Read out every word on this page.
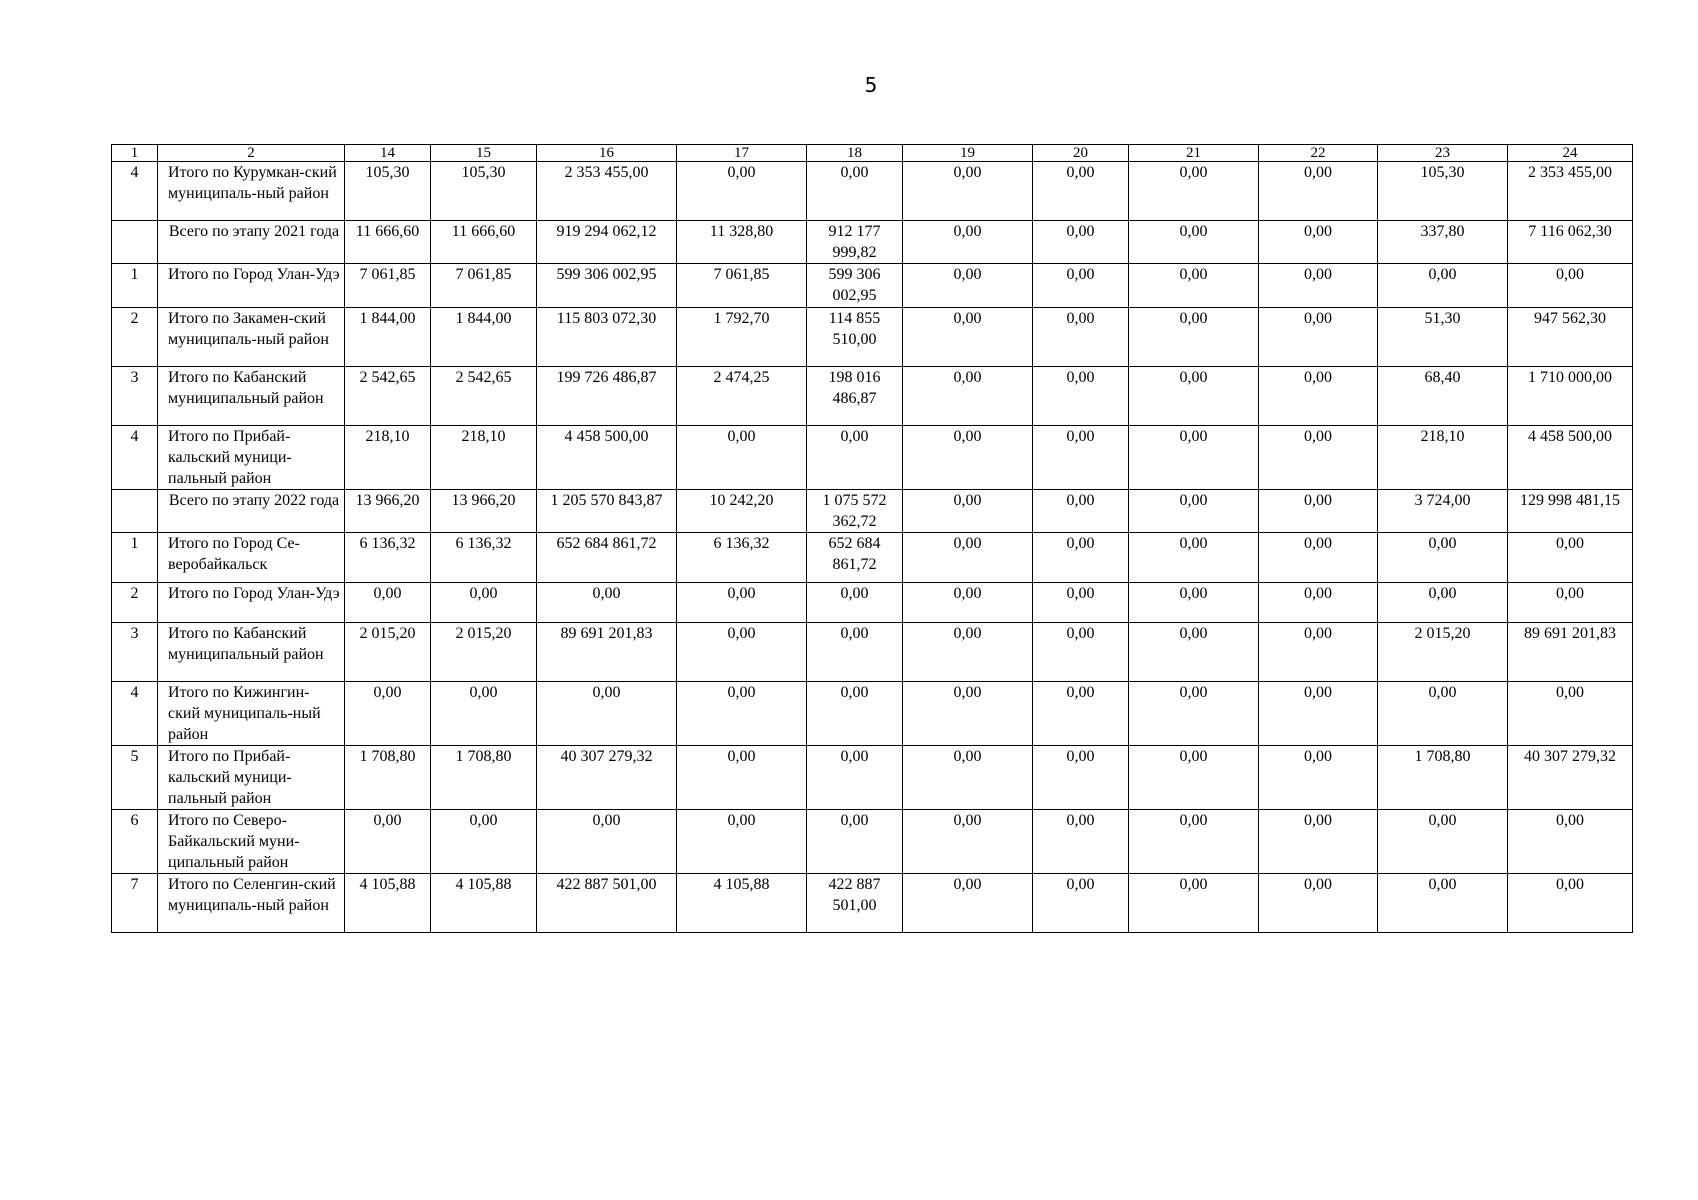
5
1	2	14	15	16	17	18	19	20	21	22	23	24
4	Итого по Курумкан-ский муниципаль-ный район	105,30	105,30	2 353 455,00	0,00	0,00	0,00	0,00	0,00	0,00	105,30	2 353 455,00
	Всего по этапу 2021 года	11 666,60	11 666,60	919 294 062,12	11 328,80	912 177 999,82	0,00	0,00	0,00	0,00	337,80	7 116 062,30
1	Итого по Город Улан-Удэ	7 061,85	7 061,85	599 306 002,95	7 061,85	599 306 002,95	0,00	0,00	0,00	0,00	0,00	0,00
2	Итого по Закамен-ский муниципаль-ный район	1 844,00	1 844,00	115 803 072,30	1 792,70	114 855 510,00	0,00	0,00	0,00	0,00	51,30	947 562,30
3	Итого по Кабанский муниципальный район	2 542,65	2 542,65	199 726 486,87	2 474,25	198 016 486,87	0,00	0,00	0,00	0,00	68,40	1 710 000,00
4	Итого по Прибай-кальский муници-пальный район	218,10	218,10	4 458 500,00	0,00	0,00	0,00	0,00	0,00	0,00	218,10	4 458 500,00
	Всего по этапу 2022 года	13 966,20	13 966,20	1 205 570 843,87	10 242,20	1 075 572 362,72	0,00	0,00	0,00	0,00	3 724,00	129 998 481,15
1	Итого по Город Се-веробайкальск	6 136,32	6 136,32	652 684 861,72	6 136,32	652 684 861,72	0,00	0,00	0,00	0,00	0,00	0,00
2	Итого по Город Улан-Удэ	0,00	0,00	0,00	0,00	0,00	0,00	0,00	0,00	0,00	0,00	0,00
3	Итого по Кабанский муниципальный район	2 015,20	2 015,20	89 691 201,83	0,00	0,00	0,00	0,00	0,00	0,00	2 015,20	89 691 201,83
4	Итого по Кижингин-ский муниципаль-ный район	0,00	0,00	0,00	0,00	0,00	0,00	0,00	0,00	0,00	0,00	0,00
5	Итого по Прибай-кальский муници-пальный район	1 708,80	1 708,80	40 307 279,32	0,00	0,00	0,00	0,00	0,00	0,00	1 708,80	40 307 279,32
6	Итого по Северо-Байкальский муни-ципальный район	0,00	0,00	0,00	0,00	0,00	0,00	0,00	0,00	0,00	0,00	0,00
7	Итого по Селенгин-ский муниципаль-ный район	4 105,88	4 105,88	422 887 501,00	4 105,88	422 887 501,00	0,00	0,00	0,00	0,00	0,00	0,00
